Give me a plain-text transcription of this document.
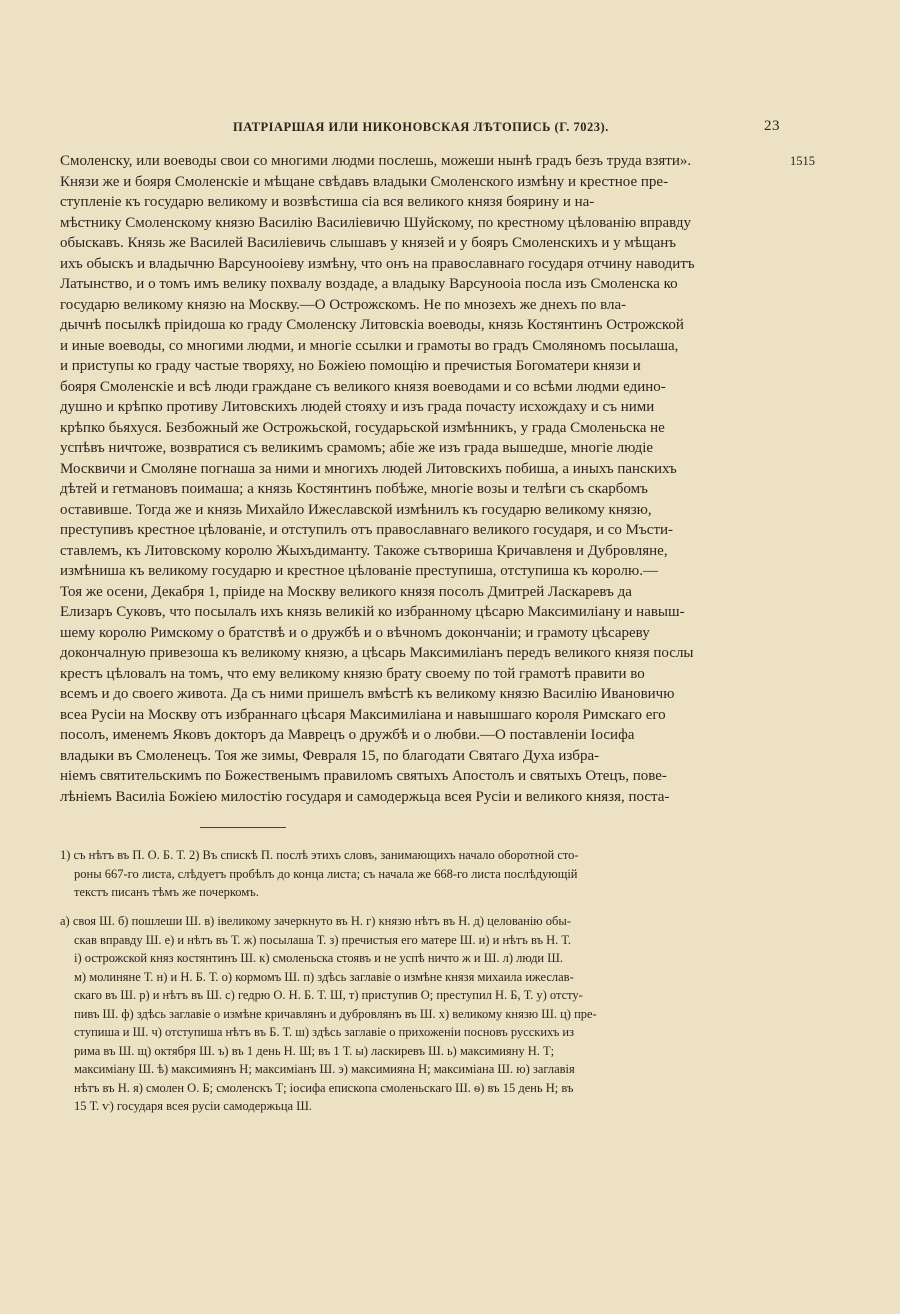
ПАТРІАРШАЯ ИЛИ НИКОНОВСКАЯ ЛѢТОПИСЬ (Г. 7023).	23
1515
Смоленску, или воеводы свои со многими людми послешь, можеши нынѣ градъ безъ труда взяти».
Князи же и бояря Смоленскіе и мѣщане свѣдавъ владыки Смоленского измѣну и крестное пре-
ступленіе къ государю великому и возвѣстиша сіа вся великого князя боярину и на-
мѣстнику Смоленскому князю Василію Василіевичю Шуйскому, по крестному цѣлованію вправду
обыскавъ. Князь же Василей Василіевичь слышавъ у князей и у бояръ Смоленскихъ и у мѣщанъ
ихъ обыскъ и владычню Варсунооіеву измѣну, что онъ на православнаго государя отчину наводитъ
Латынство, и о томъ имъ велику похвалу воздаде, а владыку Варсунооіа посла изъ Смоленска ко
государю великому князю на Москву.—О Острожскомъ. Не по мнозехъ же днехъ по вла-
дычнѣ посылкѣ пріидоша ко граду Смоленску Литовскіа воеводы, князь Костянтинъ Острожской
и иные воеводы, со многими людми, и многіе ссылки и грамоты во градъ Смоляномъ посылаша,
и приступы ко граду частые творяху, но Божіею помощію и пречистыя Богоматери князи и
бояря Смоленскіе и всѣ люди граждане съ великого князя воеводами и со всѣми людми едино-
душно и крѣпко противу Литовскихъ людей стояху и изъ града почасту исхождаху и съ ними
крѣпко бьяхуся. Безбожный же Острожьской, государьской измѣнникъ, у града Смоленьска не
успѣвъ ничтоже, возвратися съ великимъ срамомъ; абіе же изъ града вышедше, многіе людіе
Москвичи и Смоляне погнаша за ними и многихъ людей Литовскихъ побиша, а иныхъ панскихъ
дѣтей и гетмановъ поимаша; а князь Костянтинъ побѣже, многіе возы и телѣги съ скарбомъ
оставивше. Тогда же и князь Михайло Ижеславской измѣнилъ къ государю великому князю,
преступивъ крестное цѣлованіе, и отступилъ отъ православнаго великого государя, и со Мъсти-
ставлемъ, къ Литовскому королю Жыхъдиманту. Такоже сътвориша Кричавленя и Дубровляне,
измѣниша къ великому государю и крестное цѣлованіе преступиша, отступиша къ королю.—
Тоя же осени, Декабря 1, пріиде на Москву великого князя посолъ Дмитрей Ласкаревъ да
Елизаръ Суковъ, что посылалъ ихъ князь великій ко избранному цѣсарю Максимиліану и навыш-
шему королю Римскому о братствѣ и о дружбѣ и о вѣчномъ докончаніи; и грамоту цѣсареву
докончалную привезоша къ великому князю, а цѣсарь Максимиліанъ передъ великого князя послы
крестъ цѣловалъ на томъ, что ему великому князю брату своему по той грамотѣ правити во
всемъ и до своего живота. Да съ ними пришелъ вмѣстѣ къ великому князю Василію Ивановичю
всеа Русіи на Москву отъ избраннаго цѣсаря Максимиліана и навышшаго короля Римскаго его
посолъ, именемъ Яковъ докторъ да Маврецъ о дружбѣ и о любви.—О поставленіи Іосифа
владыки въ Смоленецъ. Тоя же зимы, Февраля 15, по благодати Святаго Духа избра-
ніемъ святительскимъ по Божественымъ правиломъ святыхъ Апостолъ и святыхъ Отецъ, пове-
лѣніемъ Василіа Божіею милостію государя и самодержьца всея Русіи и великого князя, поста-
1) съ нѣтъ въ П. О. Б. Т. 2) Въ спискѣ П. послѣ этихъ словъ, занимающихъ начало оборотной сто-
роны 667-го листа, слѣдуетъ пробѣлъ до конца листа; съ начала же 668-го листа послѣдующій
текстъ писанъ тѣмъ же почеркомъ.
а) своя Ш. б) пошлеши Ш. в) івеликому зачеркнуто въ Н. г) князю нѣтъ въ Н. д) целованію обы-
скав вправду Ш. е) и нѣтъ въ Т. ж) посылаша Т. з) пречистыя его матере Ш. и) и нѣтъ въ Н. Т.
і) острожской княз костянтинъ Ш. к) смоленьска стоявъ и не успѣ ничто ж и Ш. л) люди Ш.
м) молиняне Т. н) и Н. Б. Т. о) кормомъ Ш. п) здѣсь заглавіе о измѣне князя михаила ижеслав-
скаго въ Ш. р) и нѣтъ въ Ш. с) гедрю О. Н. Б. Т. Ш, т) приступив О; преступил Н. Б, Т. у) отсту-
пивъ Ш. ф) здѣсь заглавіе о измѣне кричавлянъ и дубровлянъ въ Ш. х) великому князю Ш. ц) пре-
ступиша и Ш. ч) отступиша нѣтъ въ Б. Т. ш) здѣсь заглавіе о прихоженіи посновъ русскихъ из
рима въ Ш. щ) октября Ш. ъ) въ 1 день Н. Ш; въ 1 Т. ы) ласкиревъ Ш. ь) максимияну Н. Т;
максиміану Ш. ѣ) максимиянъ Н; максиміанъ Ш. э) максимияна Н; максиміана Ш. ю) заглавія
нѣтъ въ Н. я) смолен О. Б; смоленскъ Т; іосифа епископа смоленьскаго Ш. ѳ) въ 15 день Н; въ
15 Т. ѵ) государя всея русіи самодержьца Ш.
